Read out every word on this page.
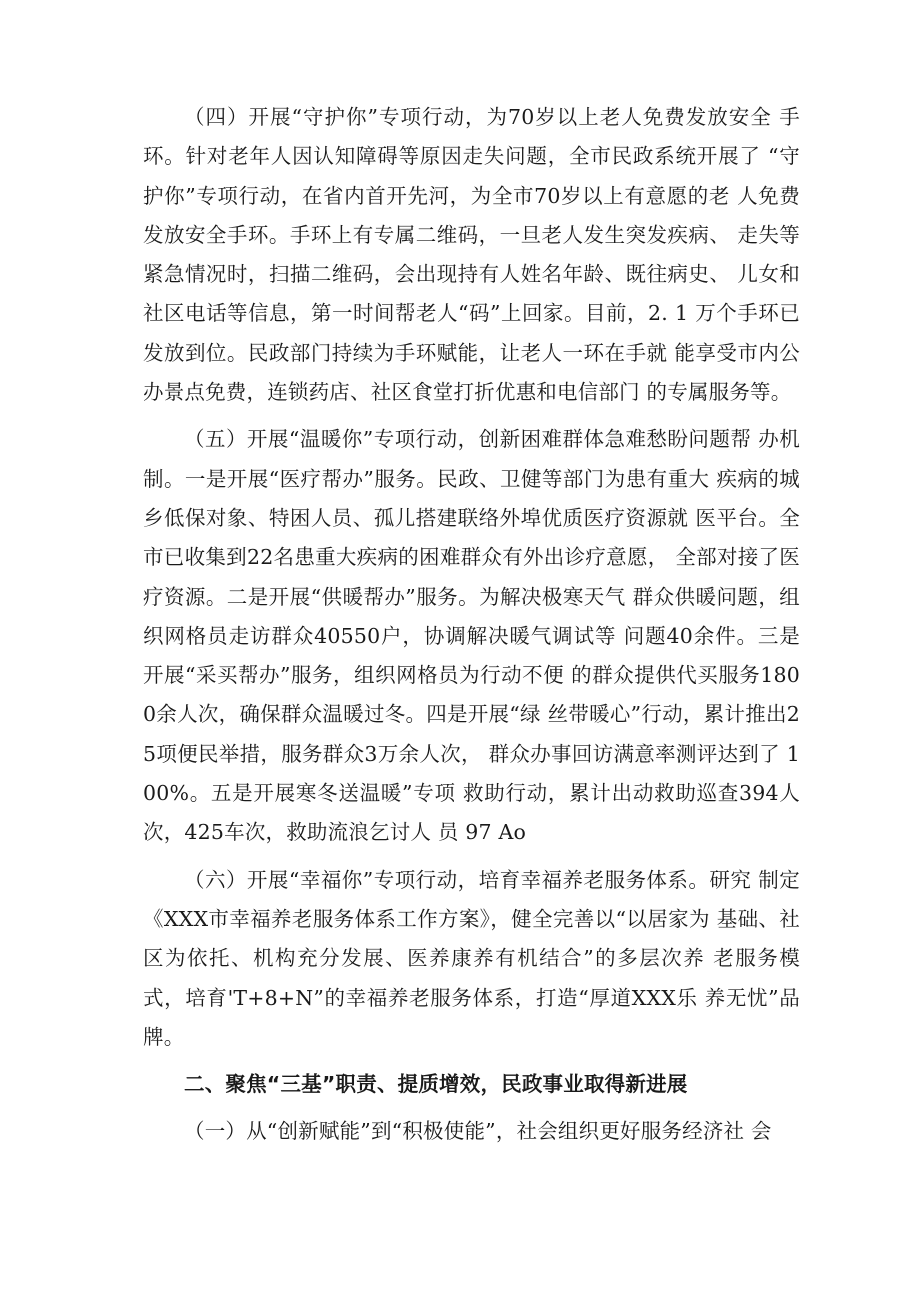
（四）开展“守护你”专项行动，为70岁以上老人免费发放安全 手环。针对老年人因认知障碍等原因走失问题，全市民政系统开展了 “守护你”专项行动，在省内首开先河，为全市70岁以上有意愿的老 人免费发放安全手环。手环上有专属二维码，一旦老人发生突发疾病、 走失等紧急情况时，扫描二维码，会出现持有人姓名年龄、既往病史、 儿女和社区电话等信息，第一时间帮老人“码”上回家。目前，2. 1 万个手环已发放到位。民政部门持续为手环赋能，让老人一环在手就 能享受市内公办景点免费，连锁药店、社区食堂打折优惠和电信部门 的专属服务等。

（五）开展“温暖你”专项行动，创新困难群体急难愁盼问题帮 办机制。一是开展“医疗帮办”服务。民政、卫健等部门为患有重大 疾病的城乡低保对象、特困人员、孤儿搭建联络外埠优质医疗资源就 医平台。全市已收集到22名患重大疾病的困难群众有外出诊疗意愿， 全部对接了医疗资源。二是开展“供暖帮办”服务。为解决极寒天气 群众供暖问题，组织网格员走访群众40550户，协调解决暖气调试等 问题40余件。三是开展“采买帮办”服务，组织网格员为行动不便 的群众提供代买服务1800余人次，确保群众温暖过冬。四是开展“绿 丝带暖心”行动，累计推出25项便民举措，服务群众3万余人次， 群众办事回访满意率测评达到了 100%。五是开展寒冬送温暖”专项 救助行动，累计出动救助巡查394人次，425车次，救助流浪乞讨人 员 97 Ao

（六）开展“幸福你”专项行动，培育幸福养老服务体系。研究 制定《XXX市幸福养老服务体系工作方案》，健全完善以“以居家为 基础、社区为依托、机构充分发展、医养康养有机结合”的多层次养 老服务模式，培育'T+8+N”的幸福养老服务体系，打造“厚道XXX乐 养无忧”品牌。

二、聚焦“三基”职责、提质增效，民政事业取得新进展

（一）从“创新赋能”到“积极使能”，社会组织更好服务经济社 会
